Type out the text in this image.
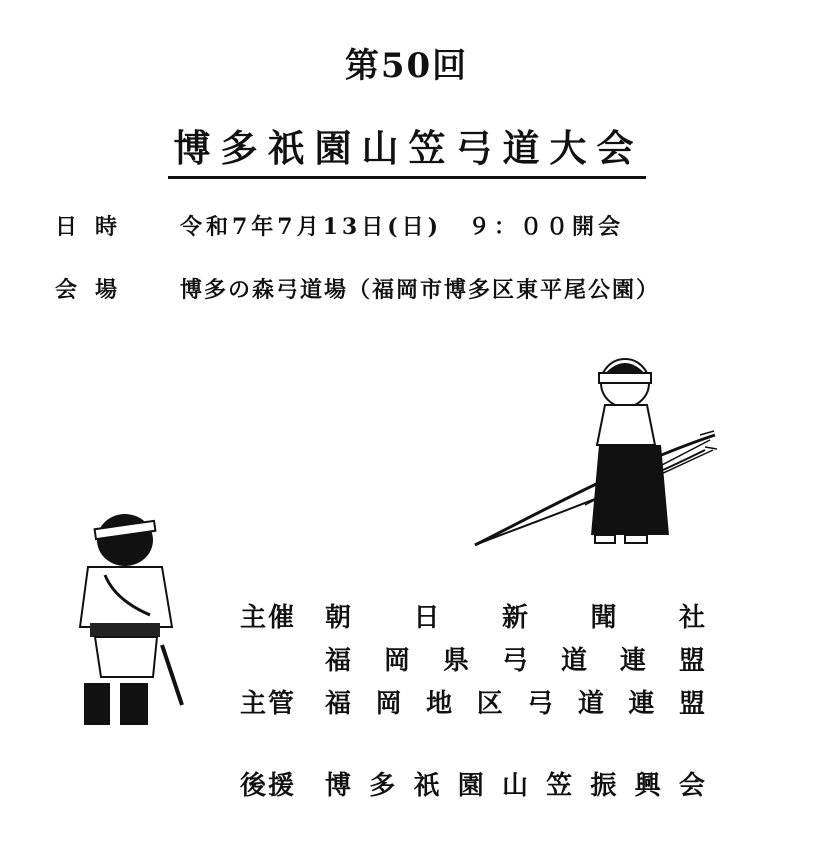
第50回
博多祇園山笠弓道大会
日時 令和7年7月13日(日)　９：００開会
会場 博多の森弓道場（福岡市博多区東平尾公園）
主催 朝 日 新 聞 社
福 岡 県 弓 道 連 盟
主管 福 岡 地 区 弓 道 連 盟
後援 博 多 祇 園 山 笠 振 興 会
